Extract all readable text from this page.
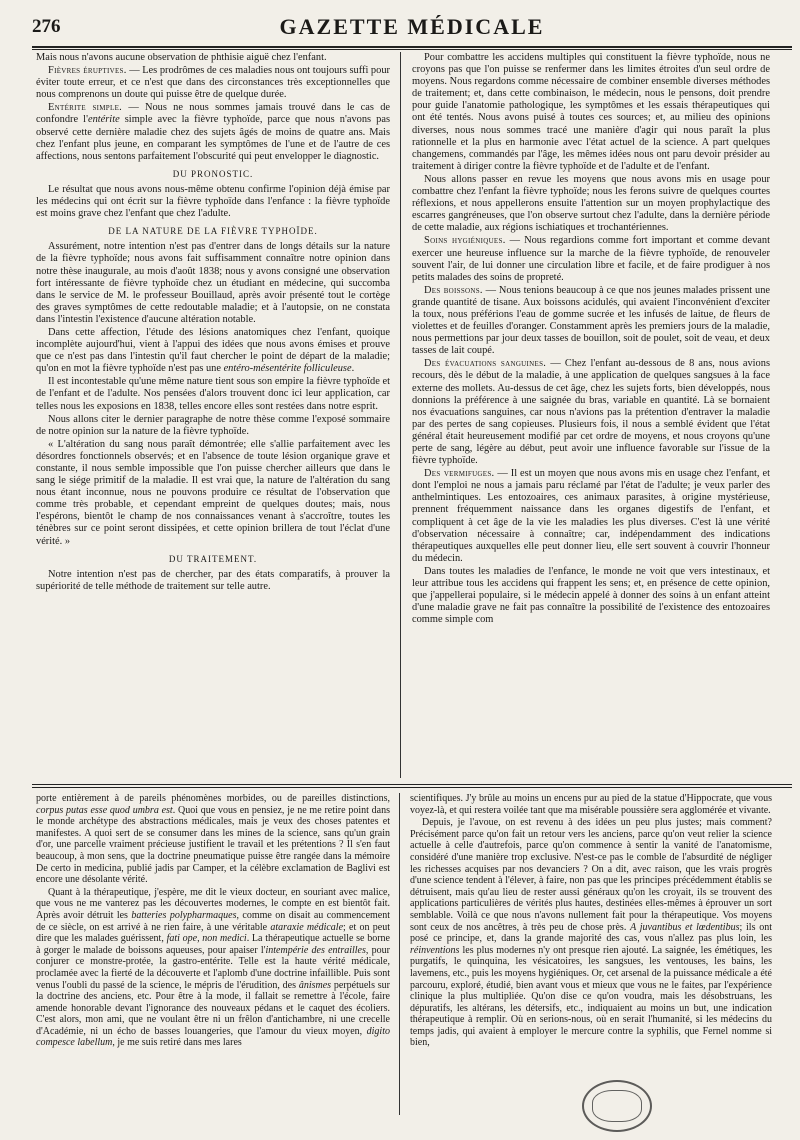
276	GAZETTE MÉDICALE

Mais nous n'avons aucune observation de phthisie aiguë chez l'enfant.

Fièvres éruptives. — Les prodrômes de ces maladies nous ont toujours suffi pour éviter toute erreur, et ce n'est que dans des circonstances très exceptionnelles que nous comprenons un doute qui puisse être de quelque durée.

Entérite simple. — Nous ne nous sommes jamais trouvé dans le cas de confondre l'entérite simple avec la fièvre typhoïde, parce que nous n'avons pas observé cette dernière maladie chez des sujets âgés de moins de quatre ans. Mais chez l'enfant plus jeune, en comparant les symptômes de l'une et de l'autre de ces affections, nous sentons parfaitement l'obscurité qui peut envelopper le diagnostic.

DU PRONOSTIC.

Le résultat que nous avons nous-même obtenu confirme l'opinion déjà émise par les médecins qui ont écrit sur la fièvre typhoïde dans l'enfance : la fièvre typhoïde est moins grave chez l'enfant que chez l'adulte.

DE LA NATURE DE LA FIÈVRE TYPHOÏDE.

Assurément, notre intention n'est pas d'entrer dans de longs détails sur la nature de la fièvre typhoïde; nous avons fait suffisamment connaître notre opinion dans notre thèse inaugurale, au mois d'août 1838; nous y avons consigné une observation fort intéressante de fièvre typhoïde chez un étudiant en médecine, qui succomba dans le service de M. le professeur Bouillaud, après avoir présenté tout le cortège des graves symptômes de cette redoutable maladie; et à l'autopsie, on ne constata dans l'intestin l'existence d'aucune altération notable.

Dans cette affection, l'étude des lésions anatomiques chez l'enfant, quoique incomplète aujourd'hui, vient à l'appui des idées que nous avons émises et prouve que ce n'est pas dans l'intestin qu'il faut chercher le point de départ de la maladie; qu'on en mot la fièvre typhoïde n'est pas une entéro-mésentérite folliculeuse.

Il est incontestable qu'une même nature tient sous son empire la fièvre typhoïde et de l'enfant et de l'adulte. Nos pensées d'alors trouvent donc ici leur application, car telles nous les exposions en 1838, telles encore elles sont restées dans notre esprit.

Nous allons citer le dernier paragraphe de notre thèse comme l'exposé sommaire de notre opinion sur la nature de la fièvre typhoïde.

« L'altération du sang nous paraît démontrée; elle s'allie parfaitement avec les désordres fonctionnels observés; et en l'absence de toute lésion organique grave et constante, il nous semble impossible que l'on puisse chercher ailleurs que dans le sang le siége primitif de la maladie. Il est vrai que, la nature de l'altération du sang nous étant inconnue, nous ne pouvons produire ce résultat de l'observation que comme très probable, et cependant empreint de quelques doutes; mais, nous l'espérons, bientôt le champ de nos connaissances venant à s'accroître, toutes les ténèbres sur ce point seront dissipées, et cette opinion brillera de tout l'éclat d'une vérité. »

DU TRAITEMENT.

Notre intention n'est pas de chercher, par des états comparatifs, à prouver la supériorité de telle méthode de traitement sur telle autre.

Pour combattre les accidens multiples qui constituent la fièvre typhoïde, nous ne croyons pas que l'on puisse se renfermer dans les limites étroites d'un seul ordre de moyens. Nous regardons comme nécessaire de combiner ensemble diverses méthodes de traitement; et, dans cette combinaison, le médecin, nous le pensons, doit prendre pour guide l'anatomie pathologique, les symptômes et les essais thérapeutiques qui ont été tentés. Nous avons puisé à toutes ces sources; et, au milieu des opinions diverses, nous nous sommes tracé une manière d'agir qui nous paraît la plus rationnelle et la plus en harmonie avec l'état actuel de la science. A part quelques changemens, commandés par l'âge, les mêmes idées nous ont paru devoir présider au traitement à diriger contre la fièvre typhoïde et de l'adulte et de l'enfant.

Nous allons passer en revue les moyens que nous avons mis en usage pour combattre chez l'enfant la fièvre typhoïde; nous les ferons suivre de quelques courtes réflexions, et nous appellerons ensuite l'attention sur un moyen prophylactique des escarres gangréneuses, que l'on observe surtout chez l'adulte, dans la dernière période de cette maladie, aux régions ischiatiques et trochantériennes.

Soins hygiéniques. — Nous regardions comme fort important et comme devant exercer une heureuse influence sur la marche de la fièvre typhoïde, de renouveler souvent l'air, de lui donner une circulation libre et facile, et de faire prodiguer à nos petits malades des soins de propreté.

Des boissons. — Nous tenions beaucoup à ce que nos jeunes malades prissent une grande quantité de tisane. Aux boissons acidulés, qui avaient l'inconvénient d'exciter la toux, nous préférions l'eau de gomme sucrée et les infusés de laitue, de fleurs de violettes et de feuilles d'oranger. Constamment après les premiers jours de la maladie, nous permettions par jour deux tasses de bouillon, soit de poulet, soit de veau, et deux tasses de lait coupé.

Des évacuations sanguines. — Chez l'enfant au-dessous de 8 ans, nous avions recours, dès le début de la maladie, à une application de quelques sangsues à la face externe des mollets. Au-dessus de cet âge, chez les sujets forts, bien développés, nous donnions la préférence à une saignée du bras, variable en quantité. Là se bornaient nos évacuations sanguines, car nous n'avions pas la prétention d'entraver la maladie par des pertes de sang copieuses. Plusieurs fois, il nous a semblé évident que l'état général était heureusement modifié par cet ordre de moyens, et nous croyons qu'une perte de sang, légère au début, peut avoir une influence favorable sur l'issue de la fièvre typhoïde.

Des vermifuges. — Il est un moyen que nous avons mis en usage chez l'enfant, et dont l'emploi ne nous a jamais paru réclamé par l'état de l'adulte; je veux parler des anthelmintiques. Les entozoaires, ces animaux parasites, à origine mystérieuse, prennent fréquemment naissance dans les organes digestifs de l'enfant, et compliquent à cet âge de la vie les maladies les plus diverses. C'est là une vérité d'observation nécessaire à connaître; car, indépendamment des indications thérapeutiques auxquelles elle peut donner lieu, elle sert souvent à couvrir l'honneur du médecin.

Dans toutes les maladies de l'enfance, le monde ne voit que vers intestinaux, et leur attribue tous les accidens qui frappent les sens; et, en présence de cette opinion, que j'appellerai populaire, si le médecin appelé à donner des soins à un enfant atteint d'une maladie grave ne fait pas connaître la possibilité de l'existence des entozoaires comme simple com

porte entièrement à de pareils phénomènes morbides, ou de pareilles distinctions, corpus putas esse quod umbra est. Quoi que vous en pensiez, je ne me retire point dans le monde archétype des abstractions médicales, mais je veux des choses patentes et manifestes. A quoi sert de se consumer dans les mines de la science, sans qu'un grain d'or, une parcelle vraiment précieuse justifient le travail et les prétentions ? Il s'en faut beaucoup, à mon sens, que la doctrine pneumatique puisse être rangée dans la mémoire De certo in medicina, publié jadis par Camper, et la célèbre exclamation de Baglivi est encore une désolante vérité.

Quant à la thérapeutique, j'espère, me dit le vieux docteur, en souriant avec malice, que vous ne me vanterez pas les découvertes modernes, le compte en est bientôt fait. Après avoir détruit les batteries polypharmaques, comme on disait au commencement de ce siècle, on est arrivé à ne rien faire, à une véritable ataraxie médicale; et on peut dire que les malades guérissent, fati ope, non medici. La thérapeutique actuelle se borne à gorger le malade de boissons aqueuses, pour apaiser l'intempérie des entrailles, pour conjurer ce monstre-protée, la gastro-entérite. Telle est la haute vérité médicale, proclamée avec la fierté de la découverte et l'aplomb d'une doctrine infaillible. Puis sont venus l'oubli du passé de la science, le mépris de l'érudition, des ânismes perpétuels sur la doctrine des anciens, etc. Pour être à la mode, il fallait se remettre à l'école, faire amende honorable devant l'ignorance des nouveaux pédans et le caquet des écoliers. C'est alors, mon ami, que ne voulant être ni un frêlon d'antichambre, ni une crecelle d'Académie, ni un écho de basses louangeries, que l'amour du vieux moyen, digito compesce labellum, je me suis retiré dans mes lares

scientifiques. J'y brûle au moins un encens pur au pied de la statue d'Hippocrate, que vous voyez-là, et qui restera voilée tant que ma misérable poussière sera agglomérée et vivante.

Depuis, je l'avoue, on est revenu à des idées un peu plus justes; mais comment? Précisément parce qu'on fait un retour vers les anciens, parce qu'on veut relier la science actuelle à celle d'autrefois, parce qu'on commence à sentir la vanité de l'anatomisme, considéré d'une manière trop exclusive. N'est-ce pas le comble de l'absurdité de négliger les richesses acquises par nos devanciers ? On a dit, avec raison, que les vrais progrès d'une science tendent à l'élever, à faire, non pas que les principes précédemment établis se détruisent, mais qu'au lieu de rester aussi généraux qu'on les croyait, ils se trouvent des applications particulières de vérités plus hautes, destinées elles-mêmes à éprouver un sort semblable. Voilà ce que nous n'avons nullement fait pour la thérapeutique. Vos moyens sont ceux de nos ancêtres, à très peu de chose près. A juvantibus et lœdentibus; ils ont posé ce principe, et, dans la grande majorité des cas, vous n'allez pas plus loin, les réinventions les plus modernes n'y ont presque rien ajouté. La saignée, les émétiques, les purgatifs, le quinquina, les vésicatoires, les sangsues, les ventouses, les bains, les lavemens, etc., puis les moyens hygiéniques. Or, cet arsenal de la puissance médicale a été parcouru, exploré, étudié, bien avant vous et mieux que vous ne le faites, par l'expérience clinique la plus multipliée. Qu'on dise ce qu'on voudra, mais les désobstruans, les dépuratifs, les altérans, les détersifs, etc., indiquaient au moins un but, une indication thérapeutique à remplir. Où en serions-nous, où en serait l'humanité, si les médecins du temps jadis, qui avaient à employer le mercure contre la syphilis, que Fernel nomme si bien,
